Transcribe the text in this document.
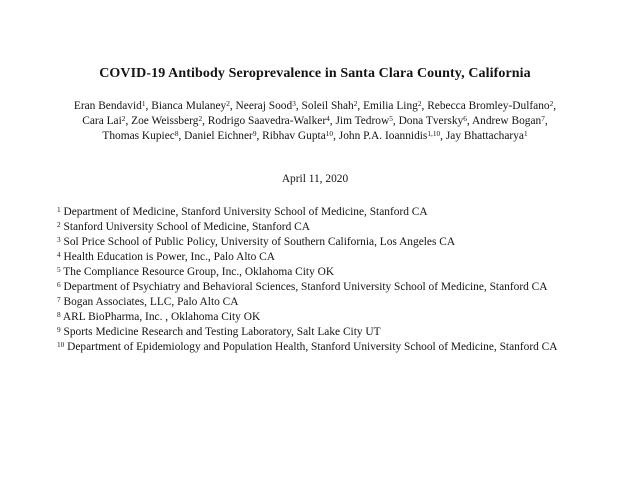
COVID-19 Antibody Seroprevalence in Santa Clara County, California
Eran Bendavid$^1$, Bianca Mulaney$^2$, Neeraj Sood$^3$, Soleil Shah$^2$, Emilia Ling$^2$, Rebecca Bromley-Dulfano$^2$,
Cara Lai$^2$, Zoe Weissberg$^2$, Rodrigo Saavedra-Walker$^4$, Jim Tedrow$^5$, Dona Tversky$^6$, Andrew Bogan$^7$,
Thomas Kupiec$^8$, Daniel Eichner$^9$, Ribhav Gupta$^{10}$, John P.A. Ioannidis$^{1,10}$, Jay Bhattacharya$^1$
April 11, 2020
$^1$ Department of Medicine, Stanford University School of Medicine, Stanford CA
$^2$ Stanford University School of Medicine, Stanford CA
$^3$ Sol Price School of Public Policy, University of Southern California, Los Angeles CA
$^4$ Health Education is Power, Inc., Palo Alto CA
$^5$ The Compliance Resource Group, Inc., Oklahoma City OK
$^6$ Department of Psychiatry and Behavioral Sciences, Stanford University School of Medicine, Stanford CA
$^7$ Bogan Associates, LLC, Palo Alto CA
$^8$ ARL BioPharma, Inc. , Oklahoma City OK
$^9$ Sports Medicine Research and Testing Laboratory, Salt Lake City UT
$^{10}$ Department of Epidemiology and Population Health, Stanford University School of Medicine, Stanford CA
